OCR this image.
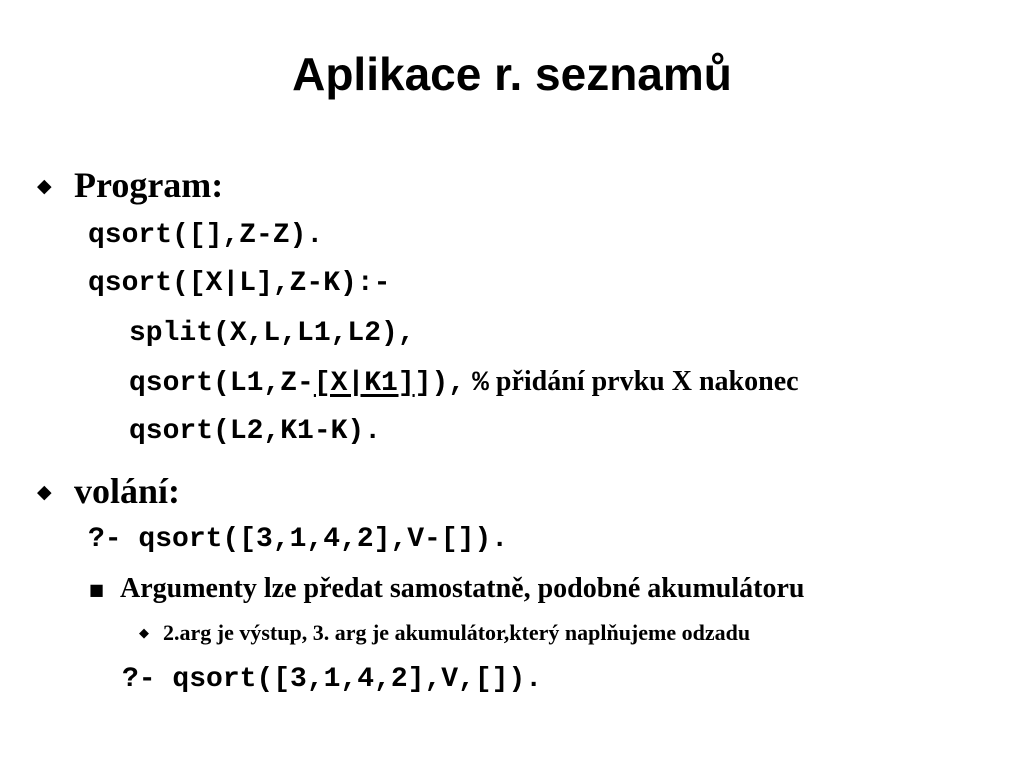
Aplikace r. seznamů
◆ Program:
qsort([],Z-Z).
qsort([X|L],Z-K):-
split(X,L,L1,L2),
qsort(L1,Z-[X|K1]]), % přidání prvku X nakonec
qsort(L2,K1-K).
◆ volání:
?- qsort([3,1,4,2],V-[]).
■ Argumenty lze předat samostatně, podobné akumulátoru
◆ 2.arg je výstup, 3. arg je akumulátor,který naplňujeme odzadu
?- qsort([3,1,4,2],V,[]).
